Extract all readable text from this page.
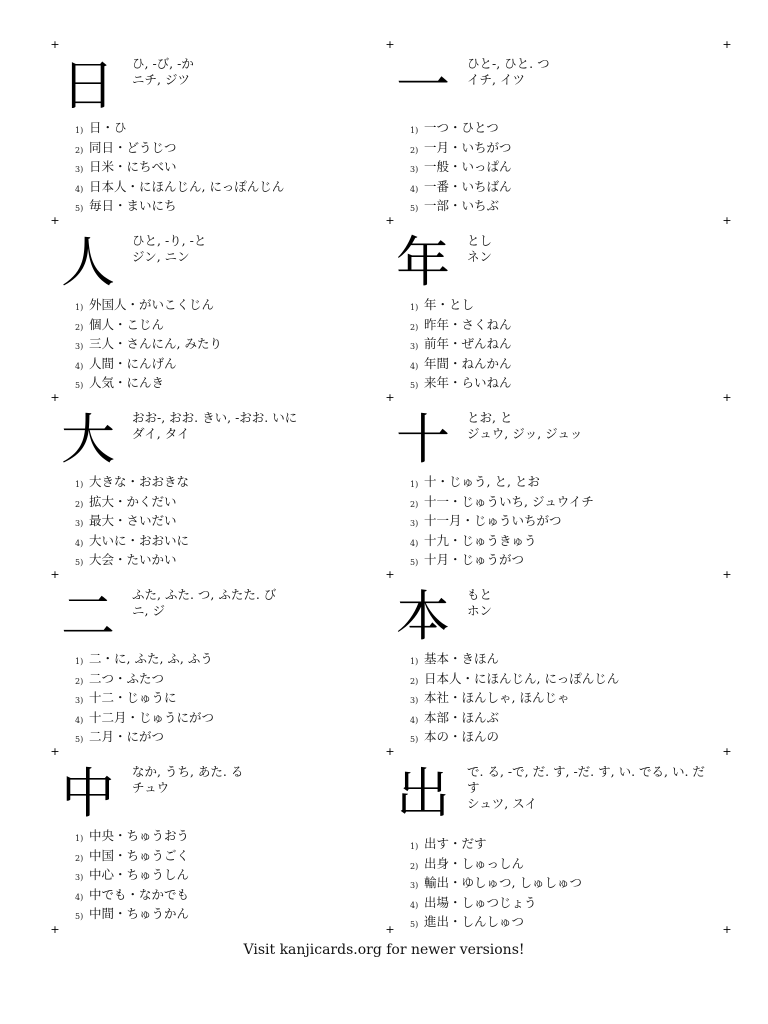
+	+	+
+	+	+
+	+	+
+	+	+
+	+	+
+	+	+
日	ひ, -び, -か
ニチ, ジツ
1) 日・ひ
2) 同日・どうじつ
3) 日米・にちべい
4) 日本人・にほんじん, にっぽんじん
5) 毎日・まいにち
一	ひと-, ひと. つ
イチ, イツ
1) 一つ・ひとつ
2) 一月・いちがつ
3) 一般・いっぱん
4) 一番・いちばん
5) 一部・いちぶ
人	ひと, -り, -と
ジン, ニン
1) 外国人・がいこくじん
2) 個人・こじん
3) 三人・さんにん, みたり
4) 人間・にんげん
5) 人気・にんき
年	とし
ネン
1) 年・とし
2) 昨年・さくねん
3) 前年・ぜんねん
4) 年間・ねんかん
5) 来年・らいねん
大	おお-, おお. きい, -おお. いに
ダイ, タイ
1) 大きな・おおきな
2) 拡大・かくだい
3) 最大・さいだい
4) 大いに・おおいに
5) 大会・たいかい
十	とお, と
ジュウ, ジッ, ジュッ
1) 十・じゅう, と, とお
2) 十一・じゅういち, ジュウイチ
3) 十一月・じゅういちがつ
4) 十九・じゅうきゅう
5) 十月・じゅうがつ
二	ふた, ふた. つ, ふたた. び
ニ, ジ
1) 二・に, ふた, ふ, ふう
2) 二つ・ふたつ
3) 十二・じゅうに
4) 十二月・じゅうにがつ
5) 二月・にがつ
本	もと
ホン
1) 基本・きほん
2) 日本人・にほんじん, にっぽんじん
3) 本社・ほんしゃ, ほんじゃ
4) 本部・ほんぶ
5) 本の・ほんの
中	なか, うち, あた. る
チュウ
1) 中央・ちゅうおう
2) 中国・ちゅうごく
3) 中心・ちゅうしん
4) 中でも・なかでも
5) 中間・ちゅうかん
出	で. る, -で, だ. す, -だ. す, い. でる, い. だす
シュツ, スイ
1) 出す・だす
2) 出身・しゅっしん
3) 輸出・ゆしゅつ, しゅしゅつ
4) 出場・しゅつじょう
5) 進出・しんしゅつ
Visit kanjicards.org for newer versions!
